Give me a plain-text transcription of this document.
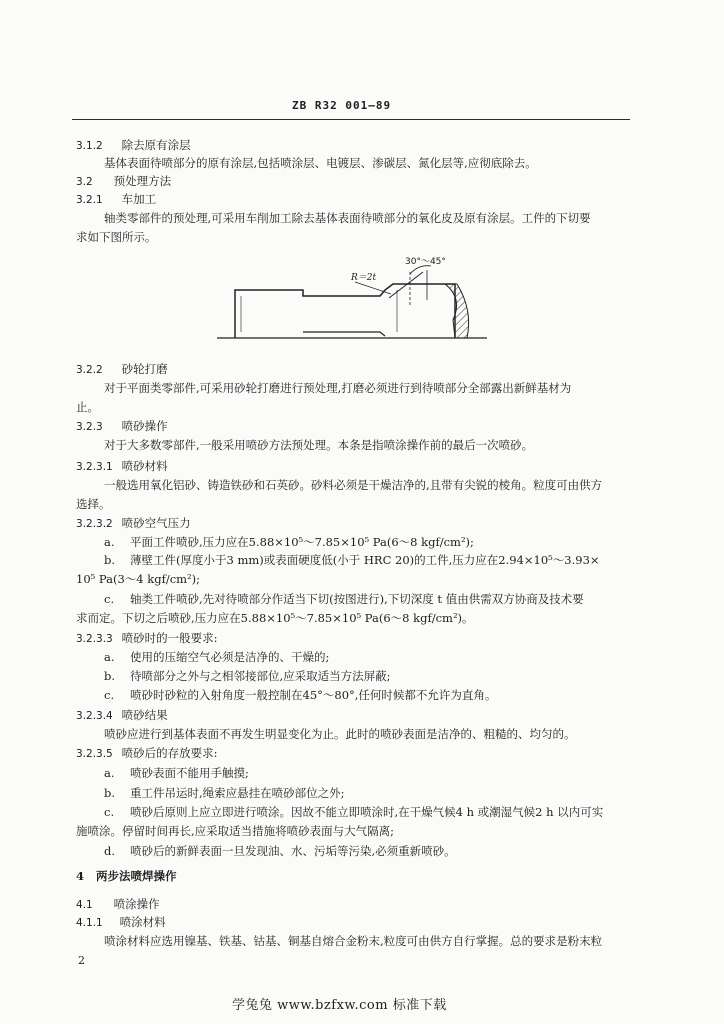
ZB R32 001—89
3.1.2 除去原有涂层
基体表面待喷部分的原有涂层,包括喷涂层、电镀层、渗碳层、氮化层等,应彻底除去。
3.2 预处理方法
3.2.1 车加工
轴类零部件的预处理,可采用车削加工除去基体表面待喷部分的氧化皮及原有涂层。工件的下切要
求如下图所示。
30°～45°
R＝2t
3.2.2 砂轮打磨
对于平面类零部件,可采用砂轮打磨进行预处理,打磨必须进行到待喷部分全部露出新鲜基材为
止。
3.2.3 喷砂操作
对于大多数零部件,一般采用喷砂方法预处理。本条是指喷涂操作前的最后一次喷砂。
3.2.3.1 喷砂材料
一般选用氧化铝砂、铸造铁砂和石英砂。砂料必须是干燥洁净的,且带有尖锐的棱角。粒度可由供方
选择。
3.2.3.2 喷砂空气压力
a. 平面工件喷砂,压力应在5.88×10⁵～7.85×10⁵ Pa(6～8 kgf/cm²);
b. 薄壁工件(厚度小于3 mm)或表面硬度低(小于 HRC 20)的工件,压力应在2.94×10⁵～3.93×
10⁵ Pa(3～4 kgf/cm²);
c. 轴类工件喷砂,先对待喷部分作适当下切(按图进行),下切深度 t 值由供需双方协商及技术要
求而定。下切之后喷砂,压力应在5.88×10⁵～7.85×10⁵ Pa(6～8 kgf/cm²)。
3.2.3.3 喷砂时的一般要求:
a. 使用的压缩空气必须是洁净的、干燥的;
b. 待喷部分之外与之相邻接部位,应采取适当方法屏蔽;
c. 喷砂时砂粒的入射角度一般控制在45°～80°,任何时候都不允许为直角。
3.2.3.4 喷砂结果
喷砂应进行到基体表面不再发生明显变化为止。此时的喷砂表面是洁净的、粗糙的、均匀的。
3.2.3.5 喷砂后的存放要求:
a. 喷砂表面不能用手触摸;
b. 重工件吊运时,绳索应悬挂在喷砂部位之外;
c. 喷砂后原则上应立即进行喷涂。因故不能立即喷涂时,在干燥气候4 h 或潮湿气候2 h 以内可实
施喷涂。停留时间再长,应采取适当措施将喷砂表面与大气隔离;
d. 喷砂后的新鲜表面一旦发现油、水、污垢等污染,必须重新喷砂。
4 两步法喷焊操作
4.1 喷涂操作
4.1.1 喷涂材料
喷涂材料应选用镍基、铁基、钴基、铜基自熔合金粉末,粒度可由供方自行掌握。总的要求是粉末粒
2
学兔兔 www.bzfxw.com 标准下载
